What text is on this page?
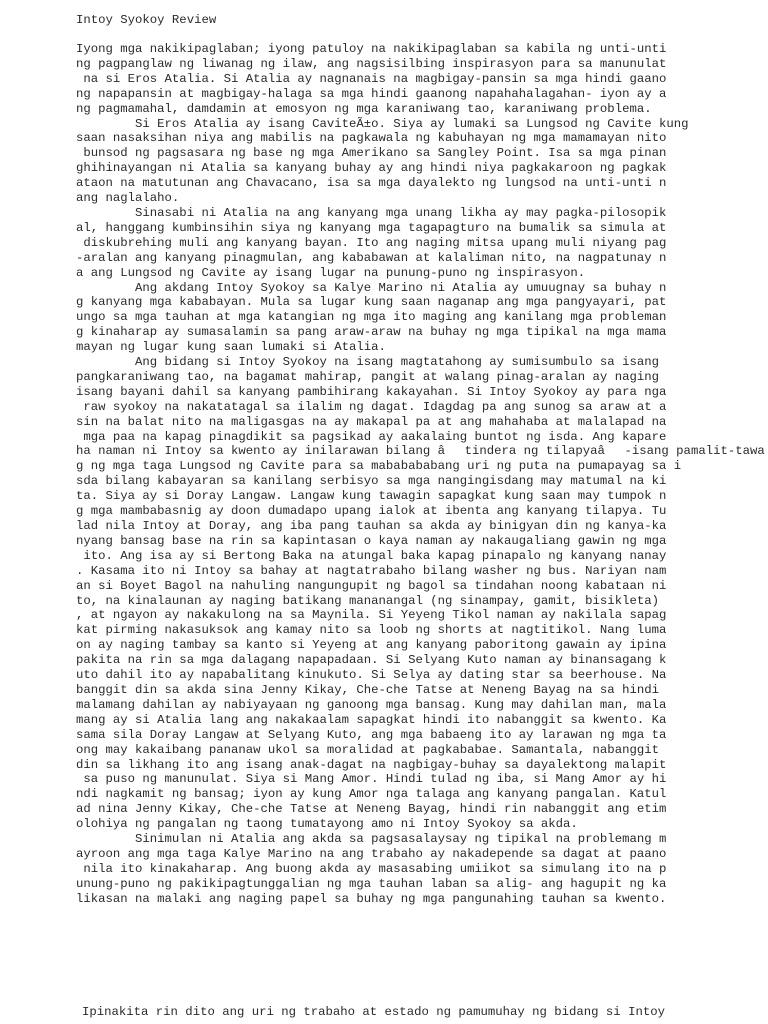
Intoy Syokoy Review
Iyong mga nakikipaglaban; iyong patuloy na nakikipaglaban sa kabila ng unti-unti
ng pagpanglaw ng liwanag ng ilaw, ang nagsisilbing inspirasyon para sa manunulat
na si Eros Atalia. Si Atalia ay nagnanais na magbigay-pansin sa mga hindi gaano
ng napapansin at magbigay-halaga sa mga hindi gaanong napahahalagahan- iyon ay a
ng pagmamahal, damdamin at emosyon ng mga karaniwang tao, karaniwang problema.
Si Eros Atalia ay isang CaviteÃ±o. Siya ay lumaki sa Lungsod ng Cavite kung
saan nasaksihan niya ang mabilis na pagkawala ng kabuhayan ng mga mamamayan nito
bunsod ng pagsasara ng base ng mga Amerikano sa Sangley Point. Isa sa mga pinan
ghihinayangan ni Atalia sa kanyang buhay ay ang hindi niya pagkakaroon ng pagkak
ataon na matutunan ang Chavacano, isa sa mga dayalekto ng lungsod na unti-unti n
ang naglalaho.
Sinasabi ni Atalia na ang kanyang mga unang likha ay may pagka-pilosopik
al, hanggang kumbinsihin siya ng kanyang mga tagapagturo na bumalik sa simula at
diskubrehing muli ang kanyang bayan. Ito ang naging mitsa upang muli niyang pag
-aralan ang kanyang pinagmulan, ang kababawan at kalaliman nito, na nagpatunay n
a ang Lungsod ng Cavite ay isang lugar na punung-puno ng inspirasyon.
Ang akdang Intoy Syokoy sa Kalye Marino ni Atalia ay umuugnay sa buhay n
g kanyang mga kababayan. Mula sa lugar kung saan naganap ang mga pangyayari, pat
ungo sa mga tauhan at mga katangian ng mga ito maging ang kanilang mga probleman
g kinaharap ay sumasalamin sa pang araw-araw na buhay ng mga tipikal na mga mama
mayan ng lugar kung saan lumaki si Atalia.
Ang bidang si Intoy Syokoy na isang magtatahong ay sumisumbulo sa isang
pangkaraniwang tao, na bagamat mahirap, pangit at walang pinag-aralan ay naging
isang bayani dahil sa kanyang pambihirang kakayahan. Si Intoy Syokoy ay para nga
raw syokoy na nakatatagal sa ilalim ng dagat. Idagdag pa ang sunog sa araw at a
sin na balat nito na maligasgas na ay makapal pa at ang mahahaba at malalapad na
mga paa na kapag pinagdikit sa pagsikad ay aakalaing buntot ng isda. Ang kapare
ha naman ni Intoy sa kwento ay inilarawan bilang âtindera ng tilapyaâ-isang pamalit-tawa
g ng mga taga Lungsod ng Cavite para sa mababababang uri ng puta na pumapayag sa i
sda bilang kabayaran sa kanilang serbisyo sa mga nangingisdang may matumal na ki
ta. Siya ay si Doray Langaw. Langaw kung tawagin sapagkat kung saan may tumpok n
g mga mambabasnig ay doon dumadapo upang ialok at ibenta ang kanyang tilapya. Tu
lad nila Intoy at Doray, ang iba pang tauhan sa akda ay binigyan din ng kanya-ka
nyang bansag base na rin sa kapintasan o kaya naman ay nakaugaliang gawin ng mga
ito. Ang isa ay si Bertong Baka na atungal baka kapag pinapalo ng kanyang nanay
. Kasama ito ni Intoy sa bahay at nagtatrabaho bilang washer ng bus. Nariyan nam
an si Boyet Bagol na nahuling nangungupit ng bagol sa tindahan noong kabataan ni
to, na kinalaunan ay naging batikang mananangal (ng sinampay, gamit, bisikleta)
, at ngayon ay nakakulong na sa Maynila. Si Yeyeng Tikol naman ay nakilala sapag
kat pirming nakasuksok ang kamay nito sa loob ng shorts at nagtitikol. Nang luma
on ay naging tambay sa kanto si Yeyeng at ang kanyang paboritong gawain ay ipina
pakita na rin sa mga dalagang napapadaan. Si Selyang Kuto naman ay binansagang k
uto dahil ito ay napabalitang kinukuto. Si Selya ay dating star sa beerhouse. Na
banggit din sa akda sina Jenny Kikay, Che-che Tatse at Neneng Bayag na sa hindi
malamang dahilan ay nabiyayaan ng ganoong mga bansag. Kung may dahilan man, mala
mang ay si Atalia lang ang nakakaalam sapagkat hindi ito nabanggit sa kwento. Ka
sama sila Doray Langaw at Selyang Kuto, ang mga babaeng ito ay larawan ng mga ta
ong may kakaibang pananaw ukol sa moralidad at pagkababae. Samantala, nabanggit
din sa likhang ito ang isang anak-dagat na nagbigay-buhay sa dayalektong malapit
sa puso ng manunulat. Siya si Mang Amor. Hindi tulad ng iba, si Mang Amor ay hi
ndi nagkamit ng bansag; iyon ay kung Amor nga talaga ang kanyang pangalan. Katul
ad nina Jenny Kikay, Che-che Tatse at Neneng Bayag, hindi rin nabanggit ang etim
olohiya ng pangalan ng taong tumatayong amo ni Intoy Syokoy sa akda.
Sinimulan ni Atalia ang akda sa pagsasalaysay ng tipikal na problemang m
ayroon ang mga taga Kalye Marino na ang trabaho ay nakadepende sa dagat at paano
nila ito kinakaharap. Ang buong akda ay masasabing umiikot sa simulang ito na p
unung-puno ng pakikipagtunggalian ng mga tauhan laban sa alig- ang hagupit ng ka
likasan na malaki ang naging papel sa buhay ng mga pangunahing tauhan sa kwento.
Ipinakita rin dito ang uri ng trabaho at estado ng pamumuhay ng bidang si Intoy
